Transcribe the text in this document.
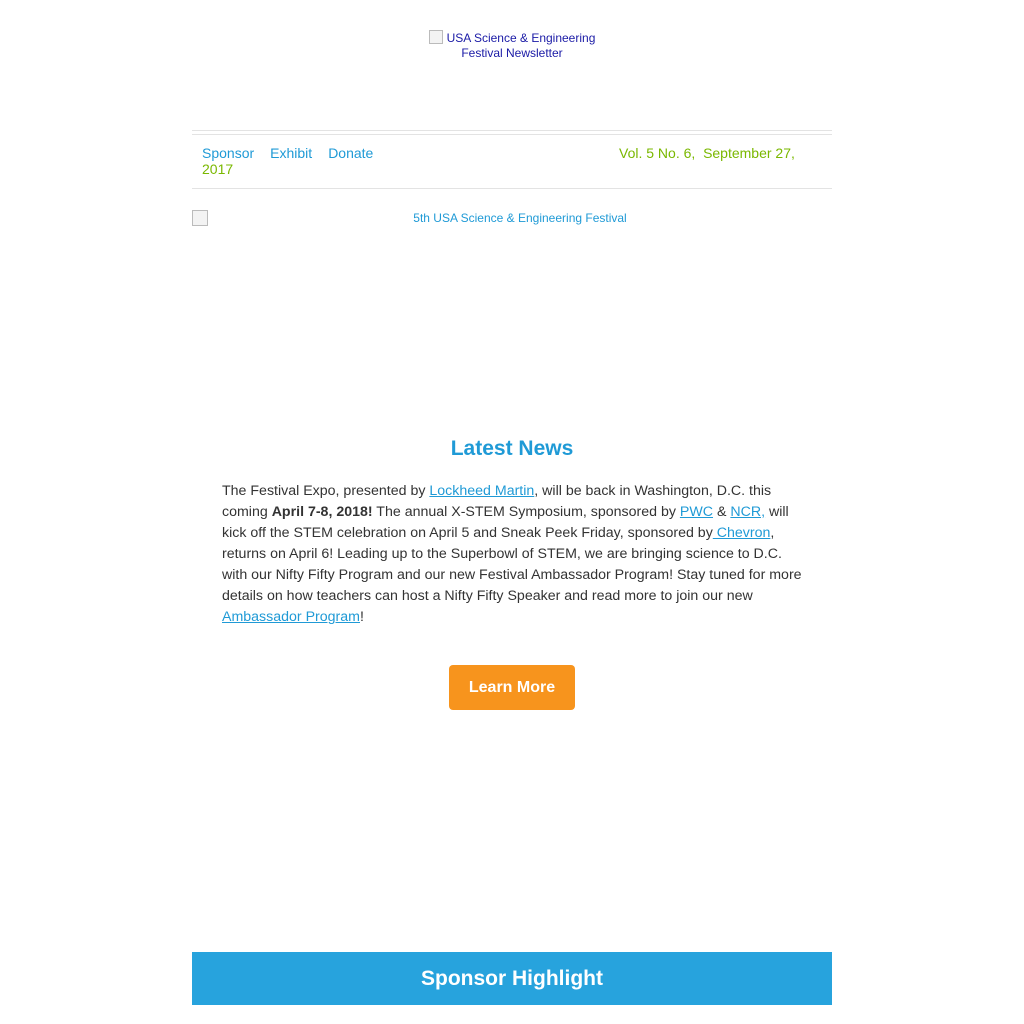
USA Science & Engineering Festival Newsletter
Sponsor Exhibit Donate	Vol. 5 No. 6, September 27,
2017
5th USA Science & Engineering Festival
Latest News
The Festival Expo, presented by Lockheed Martin, will be back in Washington, D.C. this coming April 7-8, 2018! The annual X-STEM Symposium, sponsored by PWC & NCR, will kick off the STEM celebration on April 5 and Sneak Peek Friday, sponsored by Chevron, returns on April 6! Leading up to the Superbowl of STEM, we are bringing science to D.C. with our Nifty Fifty Program and our new Festival Ambassador Program! Stay tuned for more details on how teachers can host a Nifty Fifty Speaker and read more to join our new Ambassador Program!
Learn More
Sponsor Highlight
